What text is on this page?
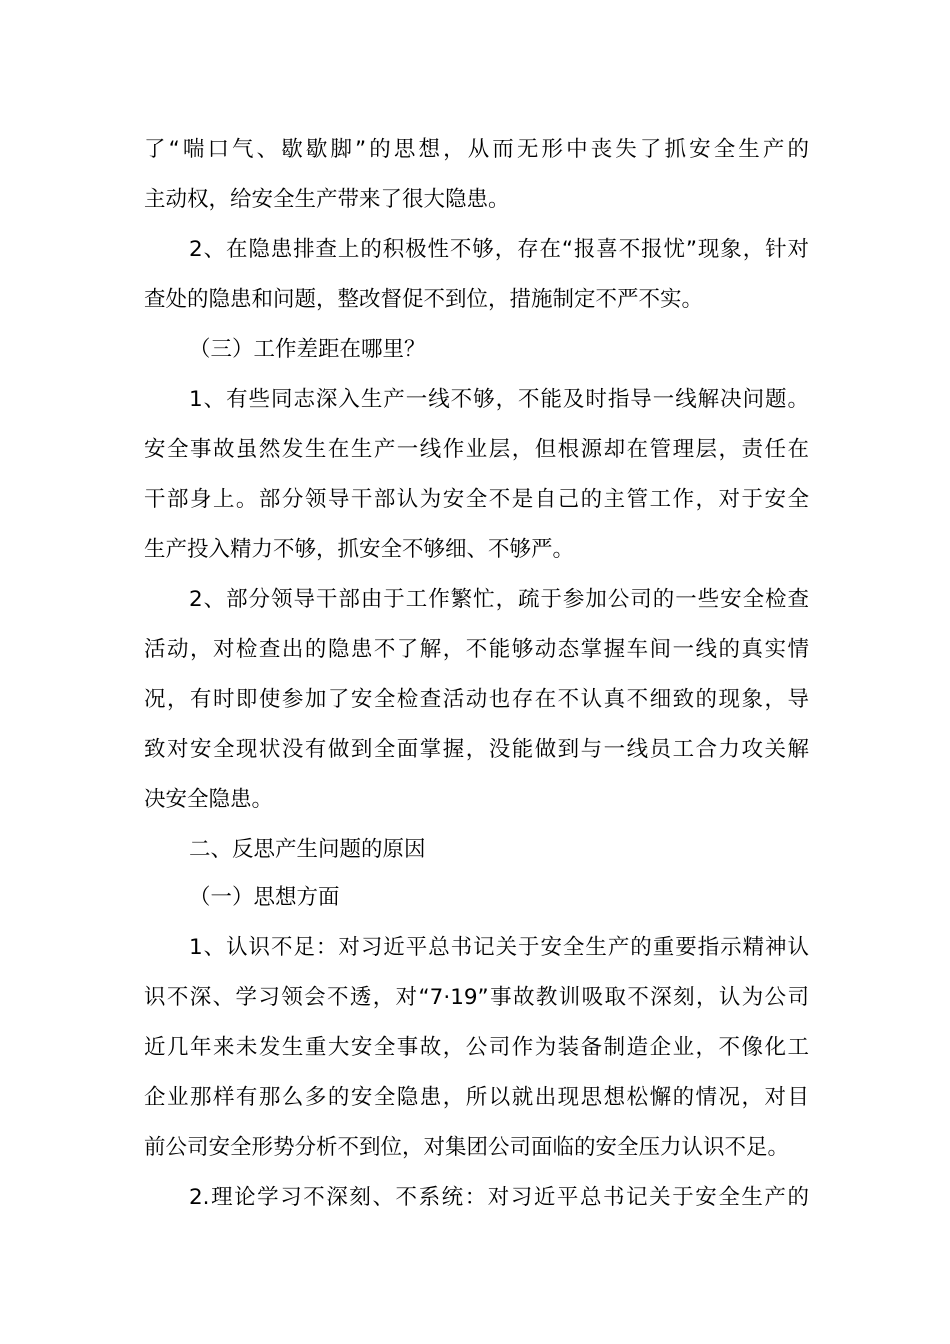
了“喘口气、歇歇脚”的思想，从而无形中丧失了抓安全生产的
主动权，给安全生产带来了很大隐患。
2、在隐患排查上的积极性不够，存在“报喜不报忧”现象，针对
查处的隐患和问题，整改督促不到位，措施制定不严不实。
（三）工作差距在哪里？
1、有些同志深入生产一线不够，不能及时指导一线解决问题。
安全事故虽然发生在生产一线作业层，但根源却在管理层，责任在
干部身上。部分领导干部认为安全不是自己的主管工作，对于安全
生产投入精力不够，抓安全不够细、不够严。
2、部分领导干部由于工作繁忙，疏于参加公司的一些安全检查
活动，对检查出的隐患不了解，不能够动态掌握车间一线的真实情
况，有时即使参加了安全检查活动也存在不认真不细致的现象，导
致对安全现状没有做到全面掌握，没能做到与一线员工合力攻关解
决安全隐患。
二、反思产生问题的原因
（一）思想方面
1、认识不足：对习近平总书记关于安全生产的重要指示精神认
识不深、学习领会不透，对“7·19”事故教训吸取不深刻，认为公司
近几年来未发生重大安全事故，公司作为装备制造企业，不像化工
企业那样有那么多的安全隐患，所以就出现思想松懈的情况，对目
前公司安全形势分析不到位，对集团公司面临的安全压力认识不足。
2.理论学习不深刻、不系统：对习近平总书记关于安全生产的
